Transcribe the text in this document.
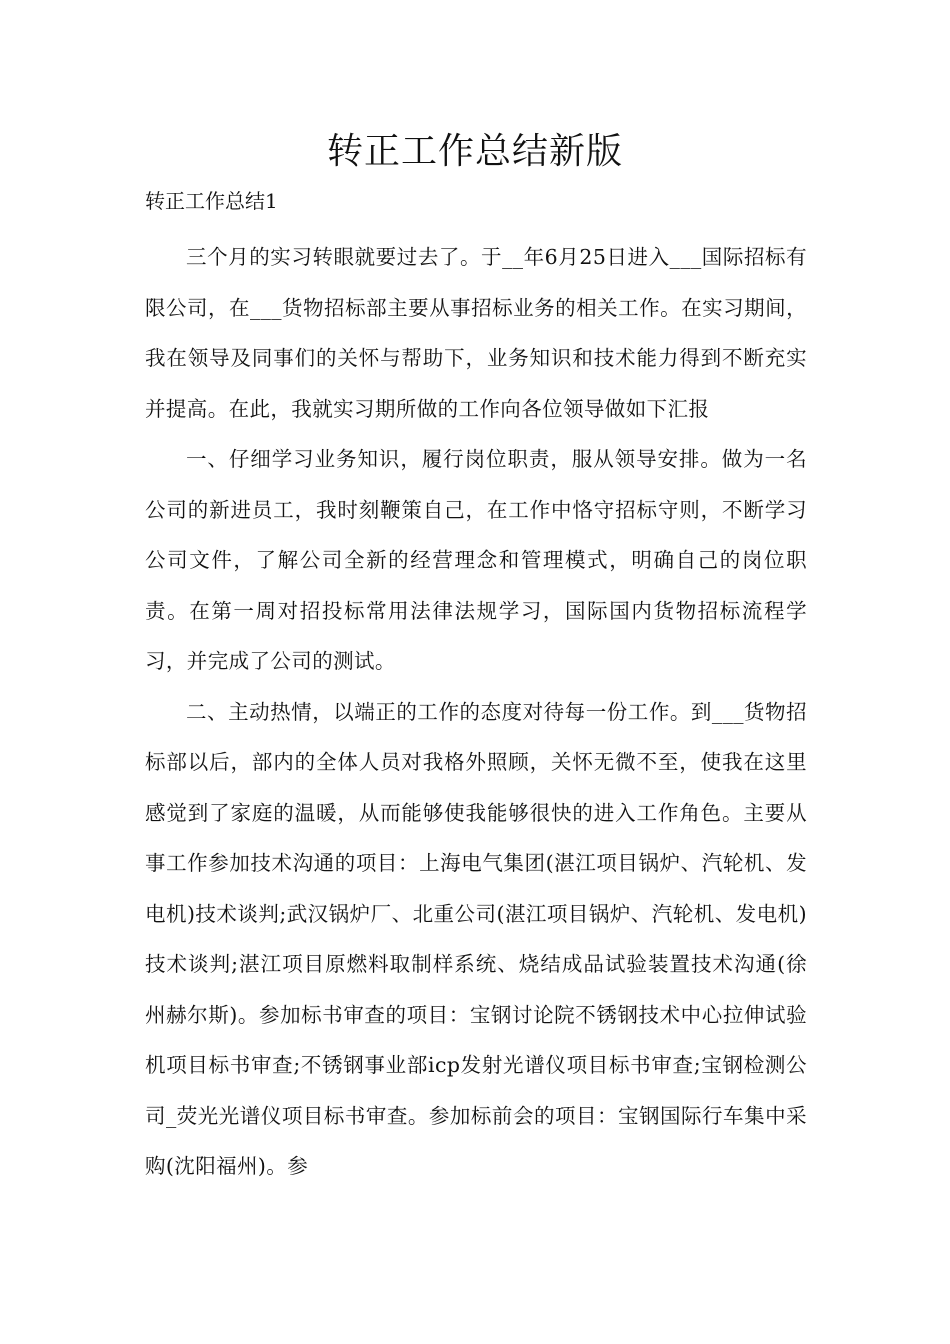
转正工作总结新版

转正工作总结1

三个月的实习转眼就要过去了。于__年6月25日进入___国际招标有限公司，在___货物招标部主要从事招标业务的相关工作。在实习期间，我在领导及同事们的关怀与帮助下，业务知识和技术能力得到不断充实并提高。在此，我就实习期所做的工作向各位领导做如下汇报

一、仔细学习业务知识，履行岗位职责，服从领导安排。做为一名公司的新进员工，我时刻鞭策自己，在工作中恪守招标守则，不断学习公司文件，了解公司全新的经营理念和管理模式，明确自己的岗位职责。在第一周对招投标常用法律法规学习，国际国内货物招标流程学习，并完成了公司的测试。

二、主动热情，以端正的工作的态度对待每一份工作。到___货物招标部以后，部内的全体人员对我格外照顾，关怀无微不至，使我在这里感觉到了家庭的温暖，从而能够使我能够很快的进入工作角色。主要从事工作参加技术沟通的项目：上海电气集团(湛江项目锅炉、汽轮机、发电机)技术谈判;武汉锅炉厂、北重公司(湛江项目锅炉、汽轮机、发电机)技术谈判;湛江项目原燃料取制样系统、烧结成品试验装置技术沟通(徐州赫尔斯)。参加标书审查的项目：宝钢讨论院不锈钢技术中心拉伸试验机项目标书审查;不锈钢事业部icp发射光谱仪项目标书审查;宝钢检测公司_荧光光谱仪项目标书审查。参加标前会的项目：宝钢国际行车集中采购(沈阳福州)。参
